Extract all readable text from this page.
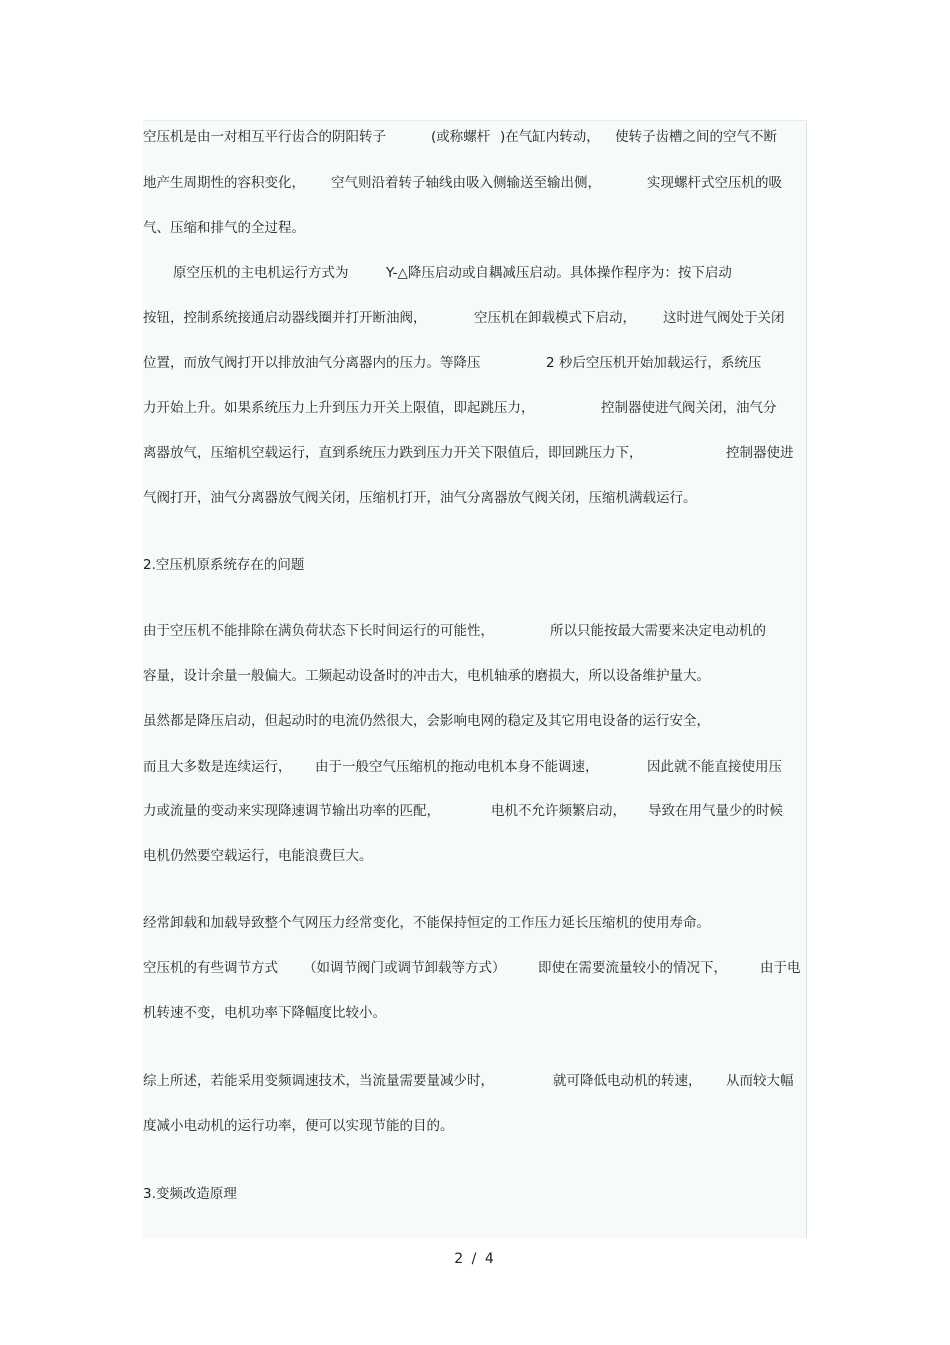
空压机是由一对相互平行齿合的阴阳转子	(或称螺杆 )在气缸内转动， 使转子齿槽之间的空气不断
地产生周期性的容积变化， 空气则沿着转子轴线由吸入侧输送至输出侧，	实现螺杆式空压机的吸
气、压缩和排气的全过程。
原空压机的主电机运行方式为	Y-△降压启动或自耦减压启动。具体操作程序为：按下启动
按钮，控制系统接通启动器线圈并打开断油阀，	空压机在卸载模式下启动， 这时进气阀处于关闭
位置，而放气阀打开以排放油气分离器内的压力。等降压	2 秒后空压机开始加载运行，系统压
力开始上升。如果系统压力上升到压力开关上限值，即起跳压力，	控制器使进气阀关闭，油气分
离器放气，压缩机空载运行，直到系统压力跌到压力开关下限值后，即回跳压力下，	控制器使进
气阀打开，油气分离器放气阀关闭，压缩机打开，油气分离器放气阀关闭，压缩机满载运行。
2.空压机原系统存在的问题
由于空压机不能排除在满负荷状态下长时间运行的可能性，	所以只能按最大需要来决定电动机的
容量，设计余量一般偏大。工频起动设备时的冲击大，电机轴承的磨损大，所以设备维护量大。
虽然都是降压启动，但起动时的电流仍然很大，会影响电网的稳定及其它用电设备的运行安全，
而且大多数是连续运行， 由于一般空气压缩机的拖动电机本身不能调速，	因此就不能直接使用压
力或流量的变动来实现降速调节输出功率的匹配，	电机不允许频繁启动， 导致在用气量少的时候
电机仍然要空载运行，电能浪费巨大。
经常卸载和加载导致整个气网压力经常变化，不能保持恒定的工作压力延长压缩机的使用寿命。
空压机的有些调节方式 （如调节阀门或调节卸载等方式） 即使在需要流量较小的情况下， 由于电
机转速不变，电机功率下降幅度比较小。
综上所述，若能采用变频调速技术，当流量需要量减少时，	就可降低电动机的转速， 从而较大幅
度减小电动机的运行功率，便可以实现节能的目的。
3.变频改造原理
2 / 4
